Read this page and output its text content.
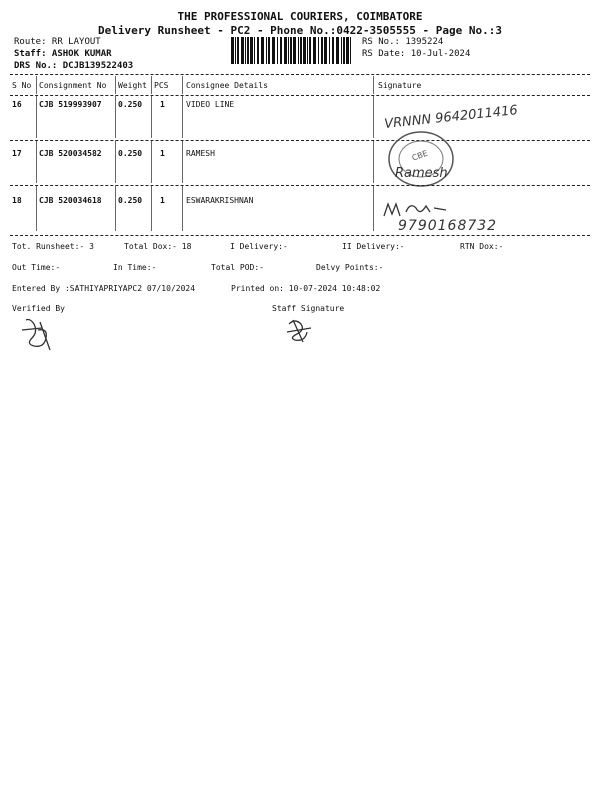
THE PROFESSIONAL COURIERS, COIMBATORE
Delivery Runsheet - PC2 - Phone No.:0422-3505555 - Page No.:3
Route: RR LAYOUT
Staff: ASHOK KUMAR
DRS No.: DCJB139522403
RS No.: 1395224
RS Date: 10-Jul-2024
S No Consignment No Weight PCS Consignee Details	Signature
16 CJB 519993907 0.250 1	VIDEO LINE	VRNNN 9642011416
17 CJB 520034582 0.250 1	RAMESH	CBE
Ramesh
18 CJB 520034618 0.250 1	ESWARAKRISHNAN
9790168732
Tot. Runsheet:- 3	Total Dox:- 18	I Delivery:-	II Delivery:-	RTN Dox:-
Out Time:-	In Time:-	Total POD:-	Delvy Points:-
Entered By :SATHIYAPRIYAPC2 07/10/2024	Printed on: 10-07-2024 10:48:02
Verified By	Staff Signature
